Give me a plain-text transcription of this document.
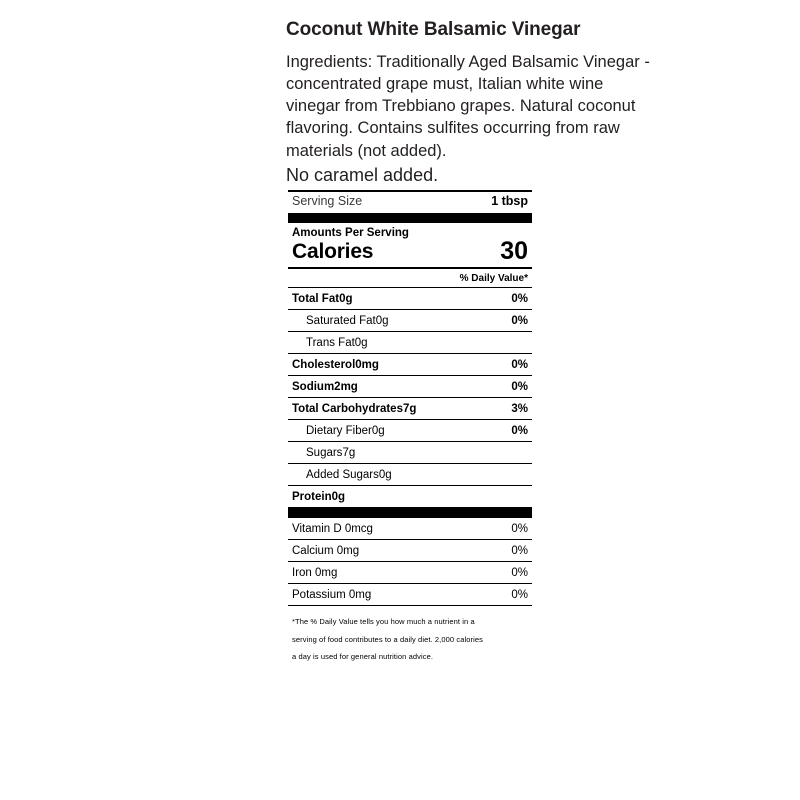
Coconut White Balsamic Vinegar

Ingredients: Traditionally Aged Balsamic Vinegar -concentrated grape must, Italian white wine vinegar from Trebbiano grapes. Natural coconut flavoring. Contains sulfites occurring from raw materials (not added).

No caramel added.

Serving Size	1 tbsp
Amounts Per Serving
Calories	30
% Daily Value*
Total Fat0g	0%
Saturated Fat0g	0%
Trans Fat0g
Cholesterol0mg	0%
Sodium2mg	0%
Total Carbohydrates7g	3%
Dietary Fiber0g	0%
Sugars7g
Added Sugars0g
Protein0g
Vitamin D 0mcg	0%
Calcium 0mg	0%
Iron 0mg	0%
Potassium 0mg	0%
*The % Daily Value tells you how much a nutrient in a
serving of food contributes to a daily diet. 2,000 calories
a day is used for general nutrition advice.
